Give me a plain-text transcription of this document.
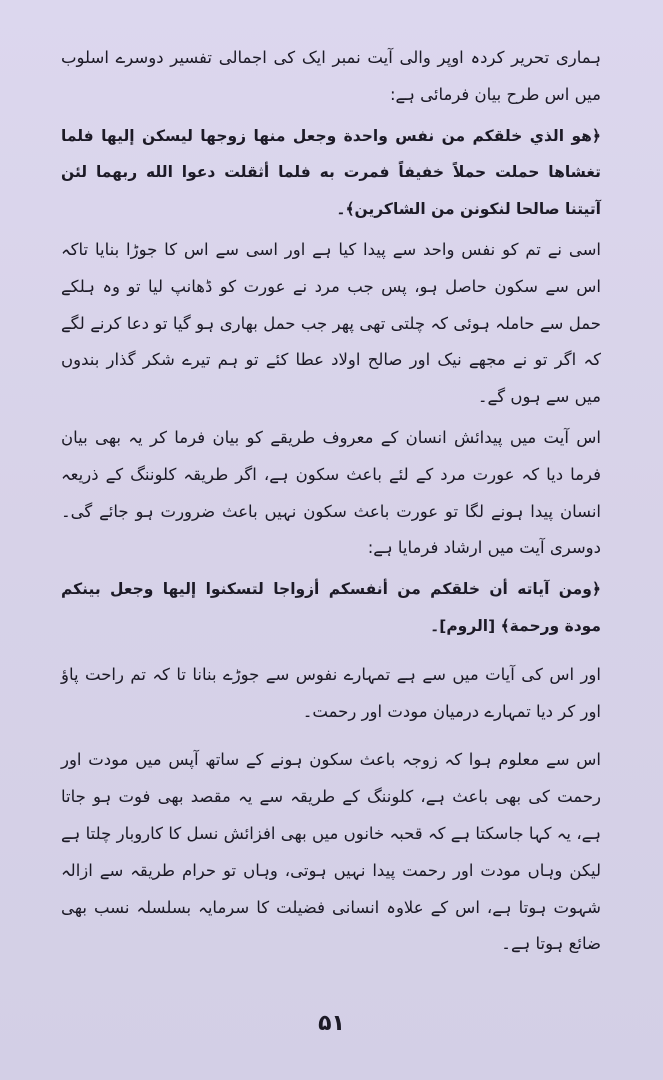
ہماری تحریر کردہ اوپر والی آیت نمبر ایک کی اجمالی تفسیر دوسرے اسلوب میں اس طرح بیان فرمائی ہے:

﴿هو الذي خلقكم من نفس واحدة وجعل منها زوجها ليسكن إليها فلما تغشاها حملت حملاً خفيفاً فمرت به فلما أثقلت دعوا الله ربهما لئن آتيتنا صالحا لنكونن من الشاكرين﴾۔

اسی نے تم کو نفس واحد سے پیدا کیا ہے اور اسی سے اس کا جوڑا بنایا تاکہ اس سے سکون حاصل ہو، پس جب مرد نے عورت کو ڈھانپ لیا تو وہ ہلکے حمل سے حاملہ ہوئی کہ چلتی تھی پھر جب حمل بھاری ہو گیا تو دعا کرنے لگے کہ اگر تو نے مجھے نیک اور صالح اولاد عطا کئے تو ہم تیرے شکر گذار بندوں میں سے ہوں گے۔

اس آیت میں پیدائش انسان کے معروف طریقے کو بیان فرما کر یہ بھی بیان فرما دیا کہ عورت مرد کے لئے باعث سکون ہے، اگر طریقہ کلوننگ کے ذریعہ انسان پیدا ہونے لگا تو عورت باعث سکون نہیں باعث ضرورت ہو جائے گی۔ دوسری آیت میں ارشاد فرمایا ہے:

﴿ومن آياته أن خلقكم من أنفسكم أزواجا لتسكنوا إليها وجعل بينكم مودة ورحمة﴾ [الروم]۔

اور اس کی آیات میں سے ہے تمہارے نفوس سے جوڑے بنانا تا کہ تم راحت پاؤ اور کر دیا تمہارے درمیان مودت اور رحمت۔

اس سے معلوم ہوا کہ زوجہ باعث سکون ہونے کے ساتھ آپس میں مودت اور رحمت کی بھی باعث ہے، کلوننگ کے طریقہ سے یہ مقصد بھی فوت ہو جاتا ہے، یہ کہا جاسکتا ہے کہ قحبہ خانوں میں بھی افزائش نسل کا کاروبار چلتا ہے لیکن وہاں مودت اور رحمت پیدا نہیں ہوتی، وہاں تو حرام طریقہ سے ازالہ شہوت ہوتا ہے، اس کے علاوہ انسانی فضیلت کا سرمایہ بسلسلہ نسب بھی ضائع ہوتا ہے۔

۵۱
